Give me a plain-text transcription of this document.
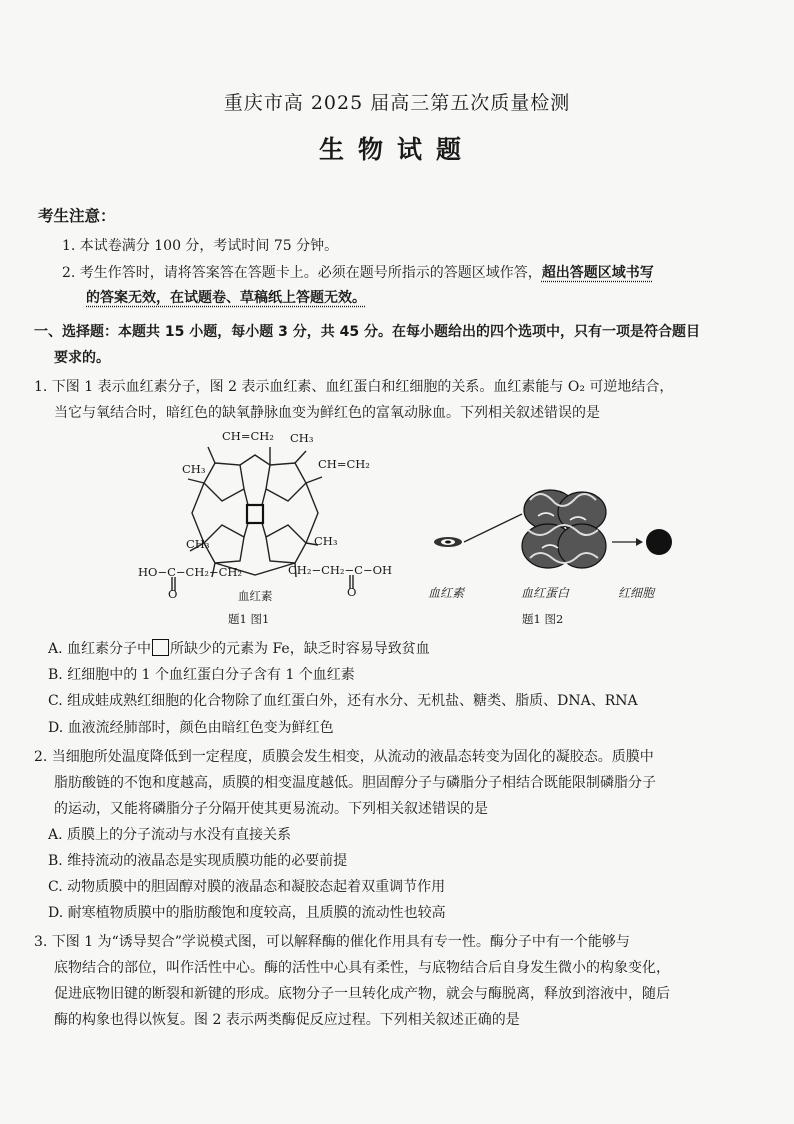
重庆市高 2025 届高三第五次质量检测
生物试题
考生注意：
1. 本试卷满分 100 分，考试时间 75 分钟。
2. 考生作答时，请将答案答在答题卡上。必须在题号所指示的答题区域作答，超出答题区域书写
的答案无效，在试题卷、草稿纸上答题无效。
一、选择题：本题共 15 小题，每小题 3 分，共 45 分。在每小题给出的四个选项中，只有一项是符合题目
要求的。
1. 下图 1 表示血红素分子，图 2 表示血红素、血红蛋白和红细胞的关系。血红素能与 O₂ 可逆地结合，
当它与氧结合时，暗红色的缺氧静脉血变为鲜红色的富氧动脉血。下列相关叙述错误的是
CH=CH₂ CH₃
CH=CH₂
CH₃
CH₃	CH₃
HO−C−CH₂−CH₂	CH₂−CH₂−C−OH
O	O
血红素
题1 图1
血红素	血红蛋白	红细胞
题1 图2
A. 血红素分子中 所缺少的元素为 Fe，缺乏时容易导致贫血
B. 红细胞中的 1 个血红蛋白分子含有 1 个血红素
C. 组成蛙成熟红细胞的化合物除了血红蛋白外，还有水分、无机盐、糖类、脂质、DNA、RNA
D. 血液流经肺部时，颜色由暗红色变为鲜红色
2. 当细胞所处温度降低到一定程度，质膜会发生相变，从流动的液晶态转变为固化的凝胶态。质膜中
脂肪酸链的不饱和度越高，质膜的相变温度越低。胆固醇分子与磷脂分子相结合既能限制磷脂分子
的运动，又能将磷脂分子分隔开使其更易流动。下列相关叙述错误的是
A. 质膜上的分子流动与水没有直接关系
B. 维持流动的液晶态是实现质膜功能的必要前提
C. 动物质膜中的胆固醇对膜的液晶态和凝胶态起着双重调节作用
D. 耐寒植物质膜中的脂肪酸饱和度较高，且质膜的流动性也较高
3. 下图 1 为“诱导契合”学说模式图，可以解释酶的催化作用具有专一性。酶分子中有一个能够与
底物结合的部位，叫作活性中心。酶的活性中心具有柔性，与底物结合后自身发生微小的构象变化，
促进底物旧键的断裂和新键的形成。底物分子一旦转化成产物，就会与酶脱离，释放到溶液中，随后
酶的构象也得以恢复。图 2 表示两类酶促反应过程。下列相关叙述正确的是
